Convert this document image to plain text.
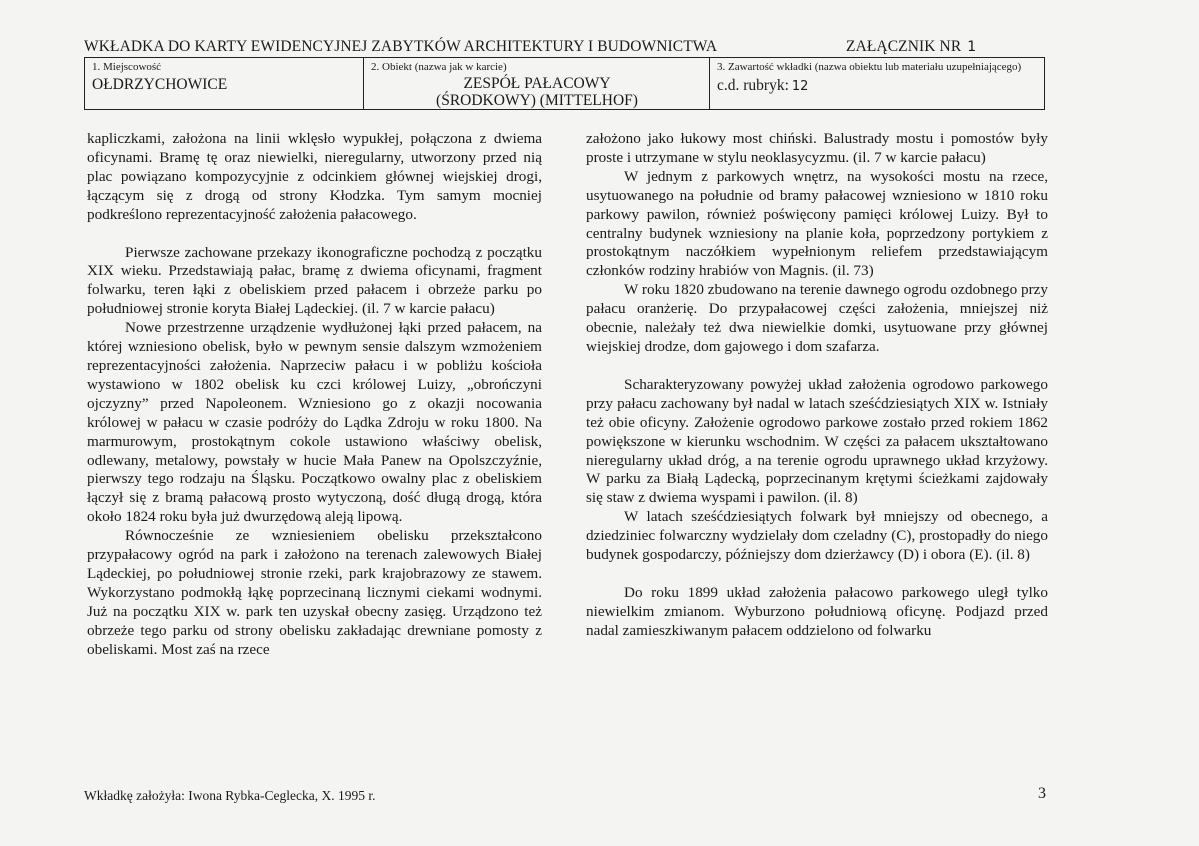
WKŁADKA DO KARTY EWIDENCYJNEJ ZABYTKÓW ARCHITEKTURY I BUDOWNICTWA	ZAŁĄCZNIK NR 1
1. Miejscowość
OŁDRZYCHOWICE
2. Obiekt (nazwa jak w karcie)
ZESPÓŁ PAŁACOWY
(ŚRODKOWY) (MITTELHOF)
3. Zawartość wkładki (nazwa obiektu lub materiału uzupełniającego)
c.d. rubryk: 12

kapliczkami, założona na linii wklęsło wypukłej, połączona z dwiema oficynami. Bramę tę oraz niewielki, nieregularny, utworzony przed nią plac powiązano kompozycyjnie z odcinkiem głównej wiejskiej drogi, łączącym się z drogą od strony Kłodzka. Tym samym mocniej podkreślono reprezentacyjność założenia pałacowego.

Pierwsze zachowane przekazy ikonograficzne pochodzą z początku XIX wieku. Przedstawiają pałac, bramę z dwiema oficynami, fragment folwarku, teren łąki z obeliskiem przed pałacem i obrzeże parku po południowej stronie koryta Białej Lądeckiej. (il. 7 w karcie pałacu)

Nowe przestrzenne urządzenie wydłużonej łąki przed pałacem, na której wzniesiono obelisk, było w pewnym sensie dalszym wzmożeniem reprezentacyjności założenia. Naprzeciw pałacu i w pobliżu kościoła wystawiono w 1802 obelisk ku czci królowej Luizy, „obrończyni ojczyzny” przed Napoleonem. Wzniesiono go z okazji nocowania królowej w pałacu w czasie podróży do Lądka Zdroju w roku 1800. Na marmurowym, prostokątnym cokole ustawiono właściwy obelisk, odlewany, metalowy, powstały w hucie Mała Panew na Opolszczyźnie, pierwszy tego rodzaju na Śląsku. Początkowo owalny plac z obeliskiem łączył się z bramą pałacową prosto wytyczoną, dość długą drogą, która około 1824 roku była już dwurzędową aleją lipową.

Równocześnie ze wzniesieniem obelisku przekształcono przypałacowy ogród na park i założono na terenach zalewowych Białej Lądeckiej, po południowej stronie rzeki, park krajobrazowy ze stawem. Wykorzystano podmokłą łąkę poprzecinaną licznymi ciekami wodnymi. Już na początku XIX w. park ten uzyskał obecny zasięg. Urządzono też obrzeże tego parku od strony obelisku zakładając drewniane pomosty z obeliskami. Most zaś na rzece

założono jako łukowy most chiński. Balustrady mostu i pomostów były proste i utrzymane w stylu neoklasycyzmu. (il. 7 w karcie pałacu)

W jednym z parkowych wnętrz, na wysokości mostu na rzece, usytuowanego na południe od bramy pałacowej wzniesiono w 1810 roku parkowy pawilon, również poświęcony pamięci królowej Luizy. Był to centralny budynek wzniesiony na planie koła, poprzedzony portykiem z prostokątnym naczółkiem wypełnionym reliefem przedstawiającym członków rodziny hrabiów von Magnis. (il. 73)

W roku 1820 zbudowano na terenie dawnego ogrodu ozdobnego przy pałacu oranżerię. Do przypałacowej części założenia, mniejszej niż obecnie, należały też dwa niewielkie domki, usytuowane przy głównej wiejskiej drodze, dom gajowego i dom szafarza.

Scharakteryzowany powyżej układ założenia ogrodowo parkowego przy pałacu zachowany był nadal w latach sześćdziesiątych XIX w. Istniały też obie oficyny. Założenie ogrodowo parkowe zostało przed rokiem 1862 powiększone w kierunku wschodnim. W części za pałacem ukształtowano nieregularny układ dróg, a na terenie ogrodu uprawnego układ krzyżowy. W parku za Białą Lądecką, poprzecinanym krętymi ścieżkami zajdowały się staw z dwiema wyspami i pawilon. (il. 8)

W latach sześćdziesiątych folwark był mniejszy od obecnego, a dziedziniec folwarczny wydzielały dom czeladny (C), prostopadły do niego budynek gospodarczy, późniejszy dom dzierżawcy (D) i obora (E). (il. 8)

Do roku 1899 układ założenia pałacowo parkowego uległ tylko niewielkim zmianom. Wyburzono południową oficynę. Podjazd przed nadal zamieszkiwanym pałacem oddzielono od folwarku

Wkładkę założyła: Iwona Rybka-Ceglecka, X. 1995 r.	3
